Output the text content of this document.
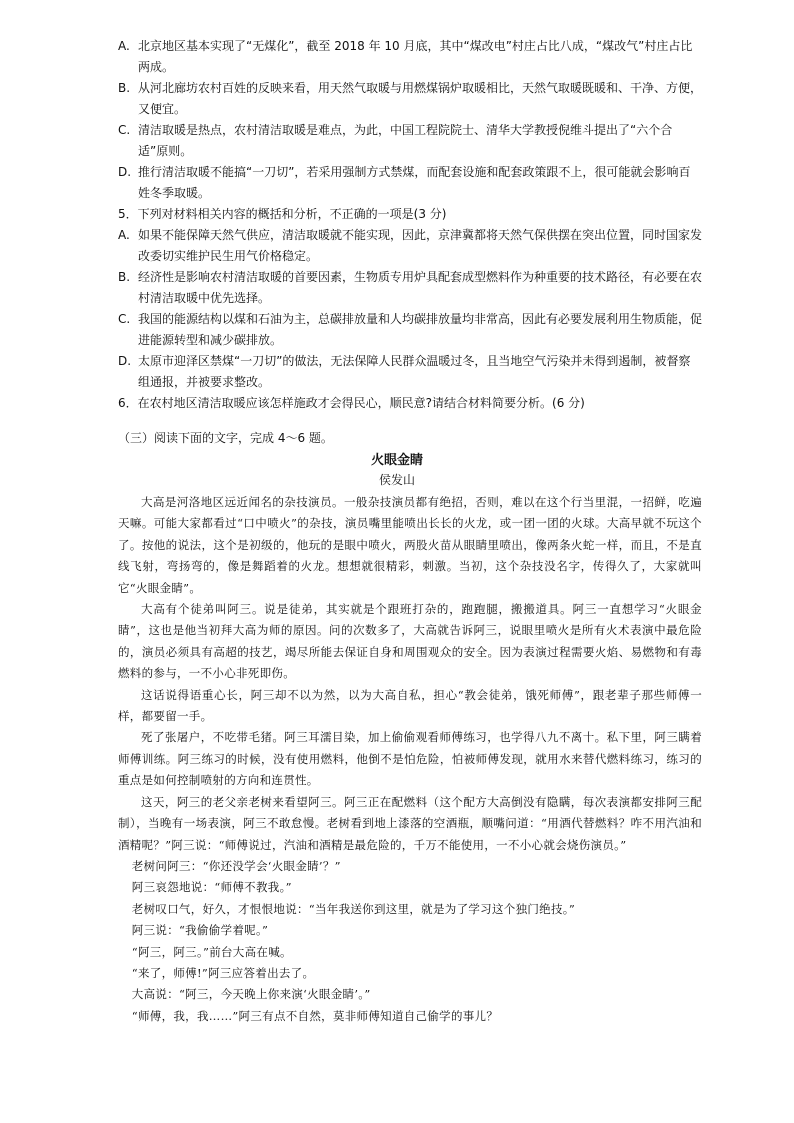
A. 北京地区基本实现了“无煤化”，截至 2018 年 10 月底，其中“煤改电”村庄占比八成，“煤改气”村庄占比两成。
B. 从河北廊坊农村百姓的反映来看，用天然气取暖与用燃煤锅炉取暖相比，天然气取暖既暖和、干净、方便，又便宜。
C. 清洁取暖是热点，农村清洁取暖是难点，为此，中国工程院院士、清华大学教授倪维斗提出了“六个合适”原则。
D. 推行清洁取暖不能搞“一刀切”，若采用强制方式禁煤，而配套设施和配套政策跟不上，很可能就会影响百姓冬季取暖。
5．下列对材料相关内容的概括和分析，不正确的一项是(3 分)
A. 如果不能保障天然气供应，清洁取暖就不能实现，因此，京津冀都将天然气保供摆在突出位置，同时国家发改委切实维护民生用气价格稳定。
B. 经济性是影响农村清洁取暖的首要因素，生物质专用炉具配套成型燃料作为种重要的技术路径，有必要在农村清洁取暖中优先选择。
C. 我国的能源结构以煤和石油为主，总碳排放量和人均碳排放量均非常高，因此有必要发展利用生物质能，促进能源转型和减少碳排放。
D. 太原市迎泽区禁煤“一刀切”的做法，无法保障人民群众温暖过冬，且当地空气污染并未得到遏制，被督察组通报，并被要求整改。
6．在农村地区清洁取暖应该怎样施政才会得民心，顺民意?请结合材料简要分析。(6 分)
（三）阅读下面的文字，完成 4～6 题。
火眼金睛
侯发山

大高是河洛地区远近闻名的杂技演员。一般杂技演员都有绝招，否则，难以在这个行当里混，一招鲜，吃遍天嘛。可能大家都看过“口中喷火”的杂技，演员嘴里能喷出长长的火龙，或一团一团的火球。大高早就不玩这个了。按他的说法，这个是初级的，他玩的是眼中喷火，两股火苗从眼睛里喷出，像两条火蛇一样，而且，不是直线飞射，弯扬弯的，像是舞蹈着的火龙。想想就很精彩，刺激。当初，这个杂技没名字，传得久了，大家就叫它“火眼金睛”。

大高有个徒弟叫阿三。说是徒弟，其实就是个跟班打杂的，跑跑腿，搬搬道具。阿三一直想学习“火眼金睛”，这也是他当初拜大高为师的原因。问的次数多了，大高就告诉阿三，说眼里喷火是所有火术表演中最危险的，演员必须具有高超的技艺，竭尽所能去保证自身和周围观众的安全。因为表演过程需要火焰、易燃物和有毒燃料的参与，一不小心非死即伤。

这话说得语重心长，阿三却不以为然，以为大高自私，担心“教会徒弟，饿死师傅”，跟老辈子那些师傅一样，都要留一手。

死了张屠户，不吃带毛猪。阿三耳濡目染，加上偷偷观看师傅练习，也学得八九不离十。私下里，阿三瞒着师傅训练。阿三练习的时候，没有使用燃料，他倒不是怕危险，怕被师傅发现，就用水来替代燃料练习，练习的重点是如何控制喷射的方向和连贯性。

这天，阿三的老父亲老树来看望阿三。阿三正在配燃料（这个配方大高倒没有隐瞒，每次表演都安排阿三配制），当晚有一场表演，阿三不敢怠慢。老树看到地上漆落的空酒瓶，顺嘴问道：“用酒代替燃料？咋不用汽油和酒精呢？”阿三说：“师傅说过，汽油和酒精是最危险的，千万不能使用，一不小心就会烧伤演员。”

老树问阿三：“你还没学会‘火眼金睛’？”

阿三哀怨地说：“师傅不教我。”

老树叹口气，好久，才恨恨地说：“当年我送你到这里，就是为了学习这个独门绝技。”

阿三说：“我偷偷学着呢。”

“阿三，阿三。”前台大高在喊。

“来了，师傅!”阿三应答着出去了。

大高说：“阿三，今天晚上你来演‘火眼金睛’。”

“师傅，我，我……”阿三有点不自然，莫非师傅知道自己偷学的事儿？
